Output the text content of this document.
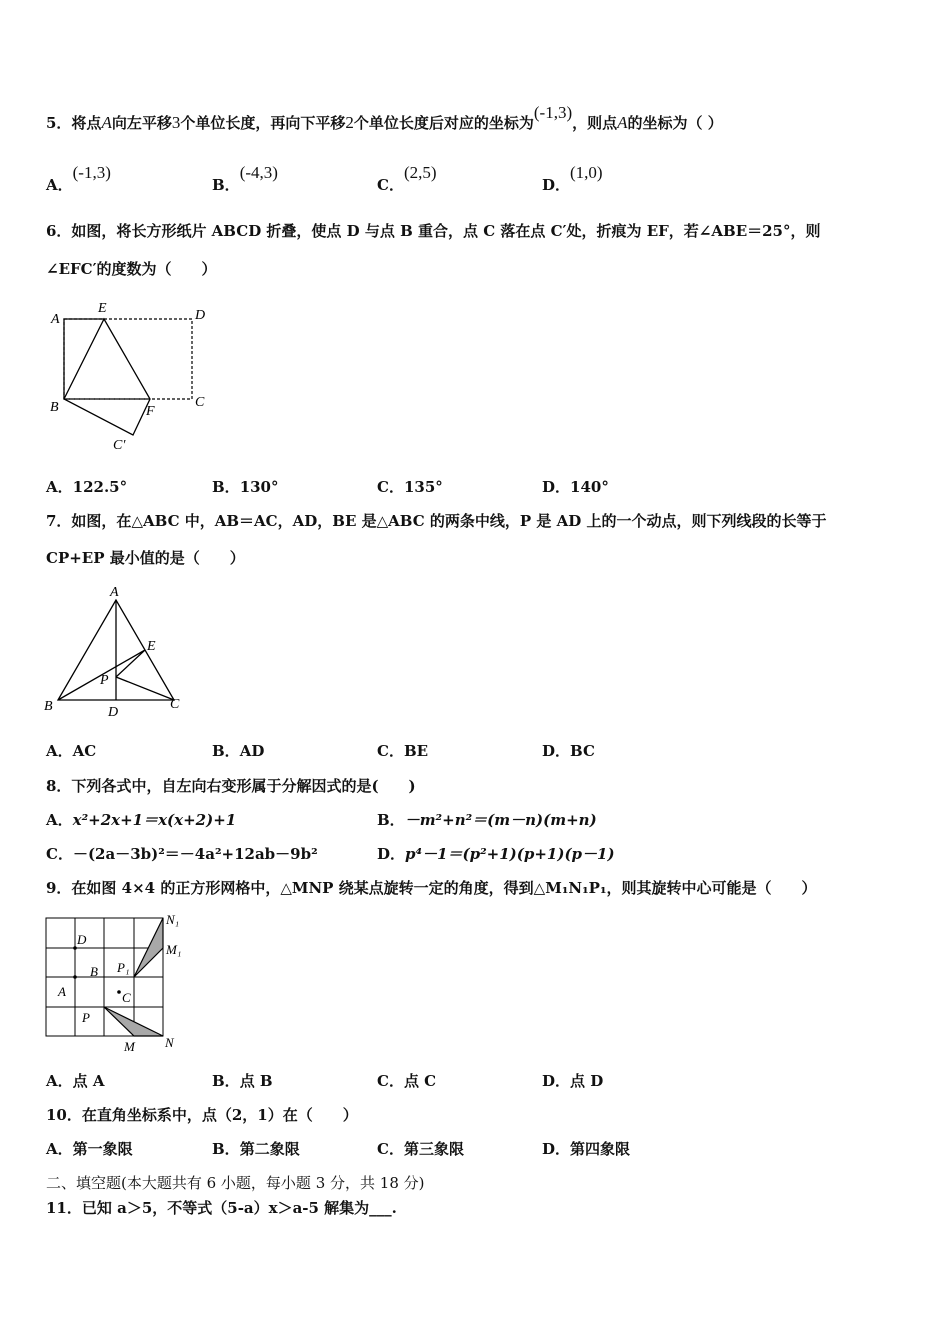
5．将点A向左平移3个单位长度，再向下平移2个单位长度后对应的坐标为(-1,3)，则点A的坐标为（ ）
A．(-1,3)
B．(-4,3)
C．(2,5)
D．(1,0)
6．如图，将长方形纸片 ABCD 折叠，使点 D 与点 B 重合，点 C 落在点 C′处，折痕为 EF，若∠ABE＝25°，则
∠EFC′的度数为（　　）
A
E	D
B	F
C
C′
A．122.5°	B．130°	C．135°	D．140°
7．如图，在△ABC 中，AB＝AC，AD，BE 是△ABC 的两条中线，P 是 AD 上的一个动点，则下列线段的长等于
CP+EP 最小值的是（　　）
A
E
P
B	D
C
A．AC	B．AD	C．BE	D．BC
8．下列各式中，自左向右变形属于分解因式的是(　　)
A．x²+2x+1＝x(x+2)+1	B．－m²+n²＝(m－n)(m+n)
C．－(2a－3b)²＝－4a²+12ab－9b²	D．p⁴－1＝(p²+1)(p+1)(p－1)
9．在如图 4×4 的正方形网格中，△MNP 绕某点旋转一定的角度，得到△M₁N₁P₁，则其旋转中心可能是（　　）
N₁
M₁
D
B P₁
A	C
P
M N
A．点 A	B．点 B	C．点 C	D．点 D
10．在直角坐标系中，点（2，1）在（　　）
A．第一象限	B．第二象限	C．第三象限	D．第四象限
二、填空题(本大题共有 6 小题，每小题 3 分，共 18 分)
11．已知 a＞5，不等式（5-a）x＞a-5 解集为___.
